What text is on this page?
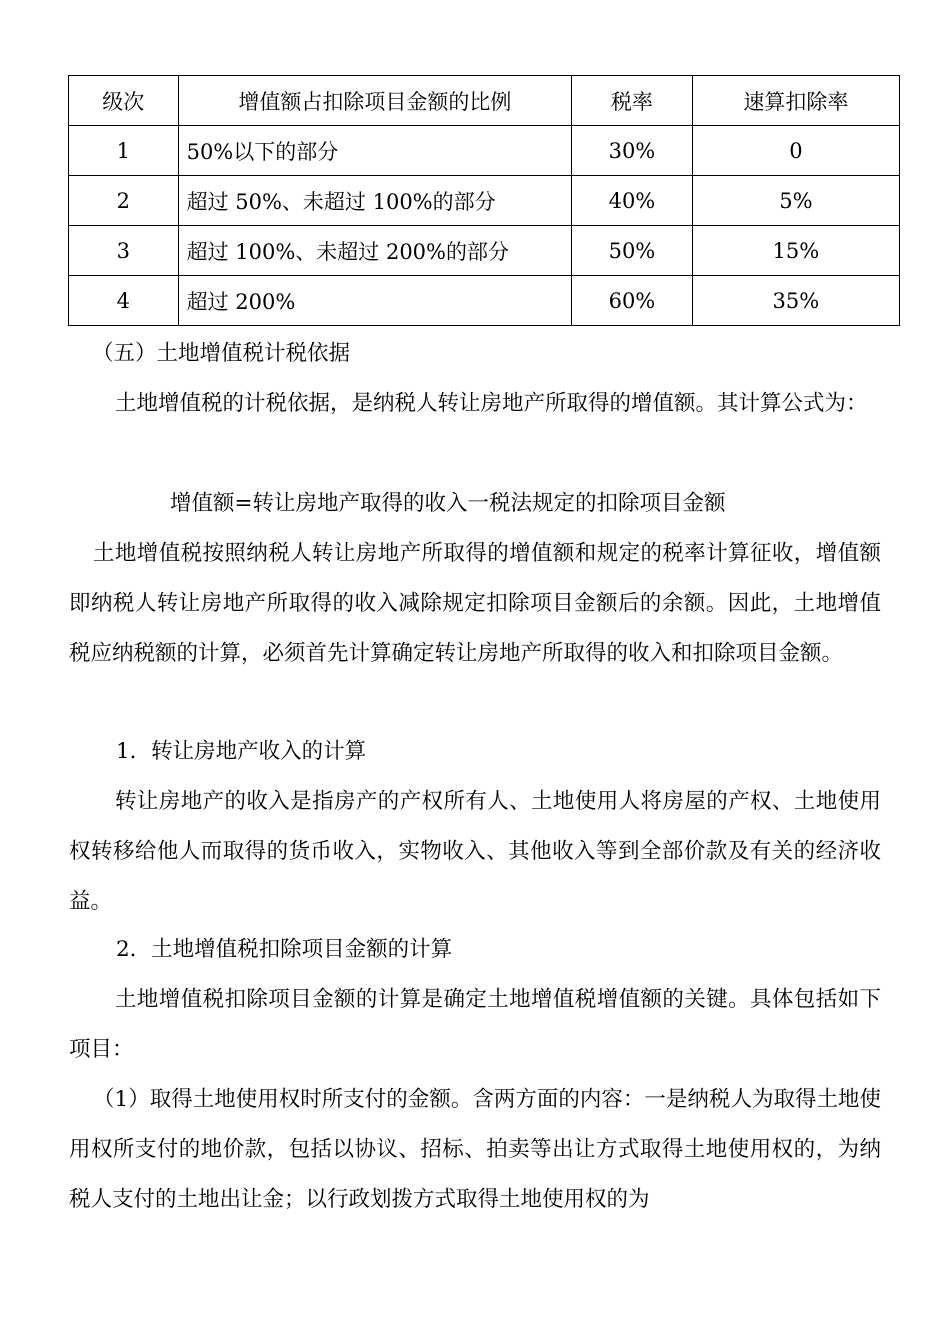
级次	增值额占扣除项目金额的比例	税率	速算扣除率
1	50%以下的部分	30%	0
2	超过 50%、未超过 100%的部分	40%	5%
3	超过 100%、未超过 200%的部分	50%	15%
4	超过 200%	60%	35%
（五）土地增值税计税依据
土地增值税的计税依据，是纳税人转让房地产所取得的增值额。其计算公式为：
增值额=转让房地产取得的收入一税法规定的扣除项目金额
土地增值税按照纳税人转让房地产所取得的增值额和规定的税率计算征收，增值额即纳税人转让房地产所取得的收入减除规定扣除项目金额后的余额。因此，土地增值税应纳税额的计算，必须首先计算确定转让房地产所取得的收入和扣除项目金额。
1．转让房地产收入的计算
转让房地产的收入是指房产的产权所有人、土地使用人将房屋的产权、土地使用权转移给他人而取得的货币收入，实物收入、其他收入等到全部价款及有关的经济收益。
2．土地增值税扣除项目金额的计算
土地增值税扣除项目金额的计算是确定土地增值税增值额的关键。具体包括如下项目：
（1）取得土地使用权时所支付的金额。含两方面的内容：一是纳税人为取得土地使用权所支付的地价款，包括以协议、招标、拍卖等出让方式取得土地使用权的，为纳税人支付的土地出让金；以行政划拨方式取得土地使用权的为
